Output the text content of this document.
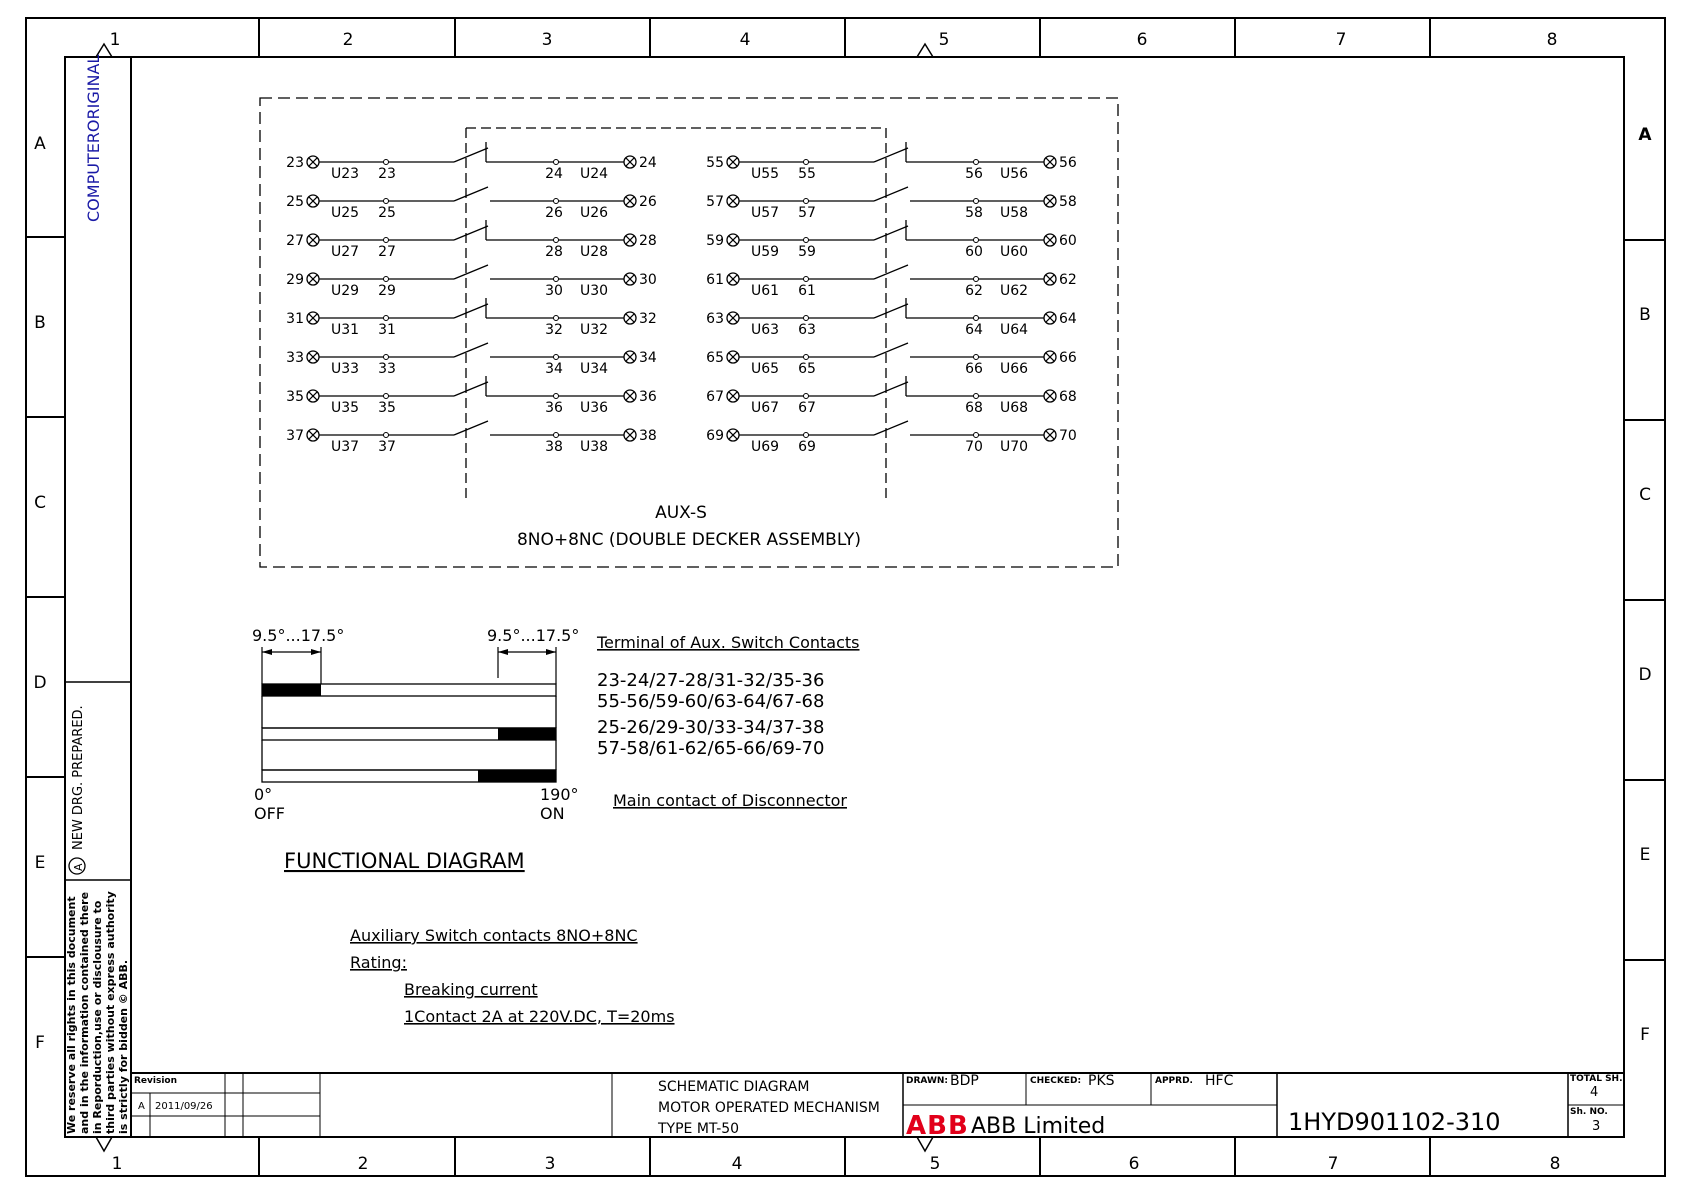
1	2	3	4	5	6	7	8
1	2	3	4	5	6	7	8
A
B
C
D
E
F
A
B
C
D
E
F
COMPUTERORIGINAL
NEW DRG. PREPARED.
A
We reserve all rights in this document and in the information contained there in Reporduction,use or disclousure to third parties without express authority is strictly for bidden © ABB.
23
U23 23	24 U24
24
25
U25 25	26 U26
26
27
U27 27	28 U28
28
29
U29 29	30 U30
30
31
U31 31	32 U32
32
33
U33 33	34 U34
34
35
U35 35	36 U36
36
37
U37 37	38 U38
38
55
U55 55	56 U56
56
57
U57 57	58 U58
58
59
U59 59	60 U60
60
61
U61 61	62 U62
62
63
U63 63	64 U64
64
65
U65 65	66 U66
66
67
U67 67	68 U68
68
69
U69 69	70 U70
70
AUX-S
8NO+8NC (DOUBLE DECKER ASSEMBLY)
9.5°...17.5°	9.5°...17.5°
0°
OFF
190°
ON
FUNCTIONAL DIAGRAM
Terminal of Aux. Switch Contacts
23-24/27-28/31-32/35-36
55-56/59-60/63-64/67-68
25-26/29-30/33-34/37-38
57-58/61-62/65-66/69-70
Main contact of Disconnector
Auxiliary Switch contacts 8NO+8NC
Rating:
Breaking current
1Contact 2A at 220V.DC, T=20ms
Revision
A 2011/09/26
SCHEMATIC DIAGRAM
MOTOR OPERATED MECHANISM
TYPE MT-50
DRAWN: BDP	CHECKED: PKS	APPRD. HFC
ABB ABB Limited	1HYD901102-310
TOTAL SH.
4
Sh. NO.
3
